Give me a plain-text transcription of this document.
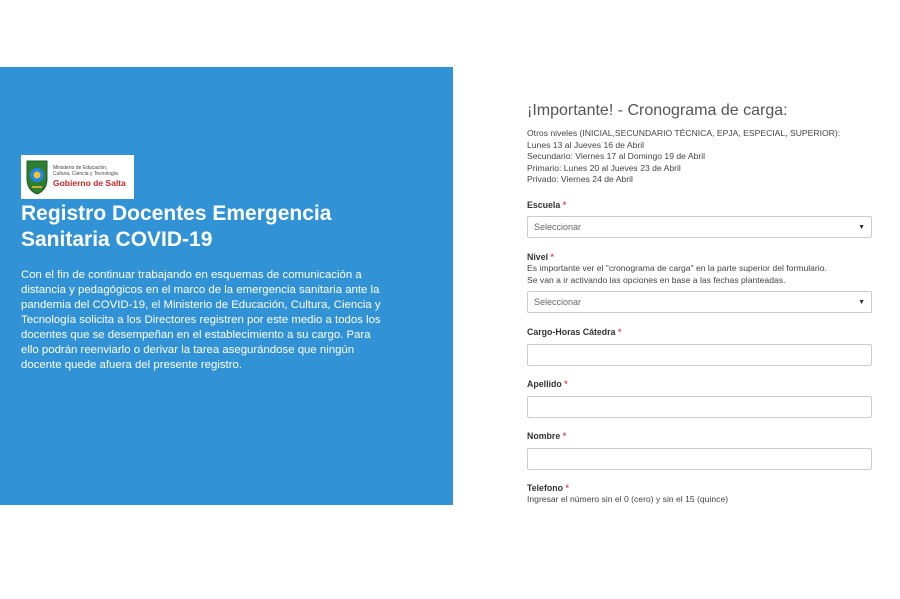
Ministerio de Educación,
Cultura, Ciencia y Tecnología
Gobierno de Salta
Registro Docentes Emergencia Sanitaria COVID-19

Con el fin de continuar trabajando en esquemas de comunicación a distancia y pedagógicos en el marco de la emergencia sanitaria ante la pandemia del COVID-19, el Ministerio de Educación, Cultura, Ciencia y Tecnología solicita a los Directores registren por este medio a todos los docentes que se desempeñan en el establecimiento a su cargo. Para ello podrán reenviarlo o derivar la tarea asegurándose que ningún docente quede afuera del presente registro.

¡Importante! - Cronograma de carga:
Otros niveles (INICIAL,SECUNDARIO TÉCNICA, EPJA, ESPECIAL, SUPERIOR):
Lunes 13 al Jueves 16 de Abril
Secundario: Viernes 17 al Domingo 19 de Abril
Primario: Lunes 20 al Jueves 23 de Abril
Privado: Viernes 24 de Abril
Escuela *
Seleccionar	▼
Nivel *
Es importante ver el "cronograma de carga" en la parte superior del formulario.
Se van a ir activando las opciones en base a las fechas planteadas.
Seleccionar	▼
Cargo-Horas Cátedra *
Apellido *
Nombre *
Telefono *
Ingresar el número sin el 0 (cero) y sin el 15 (quince)
